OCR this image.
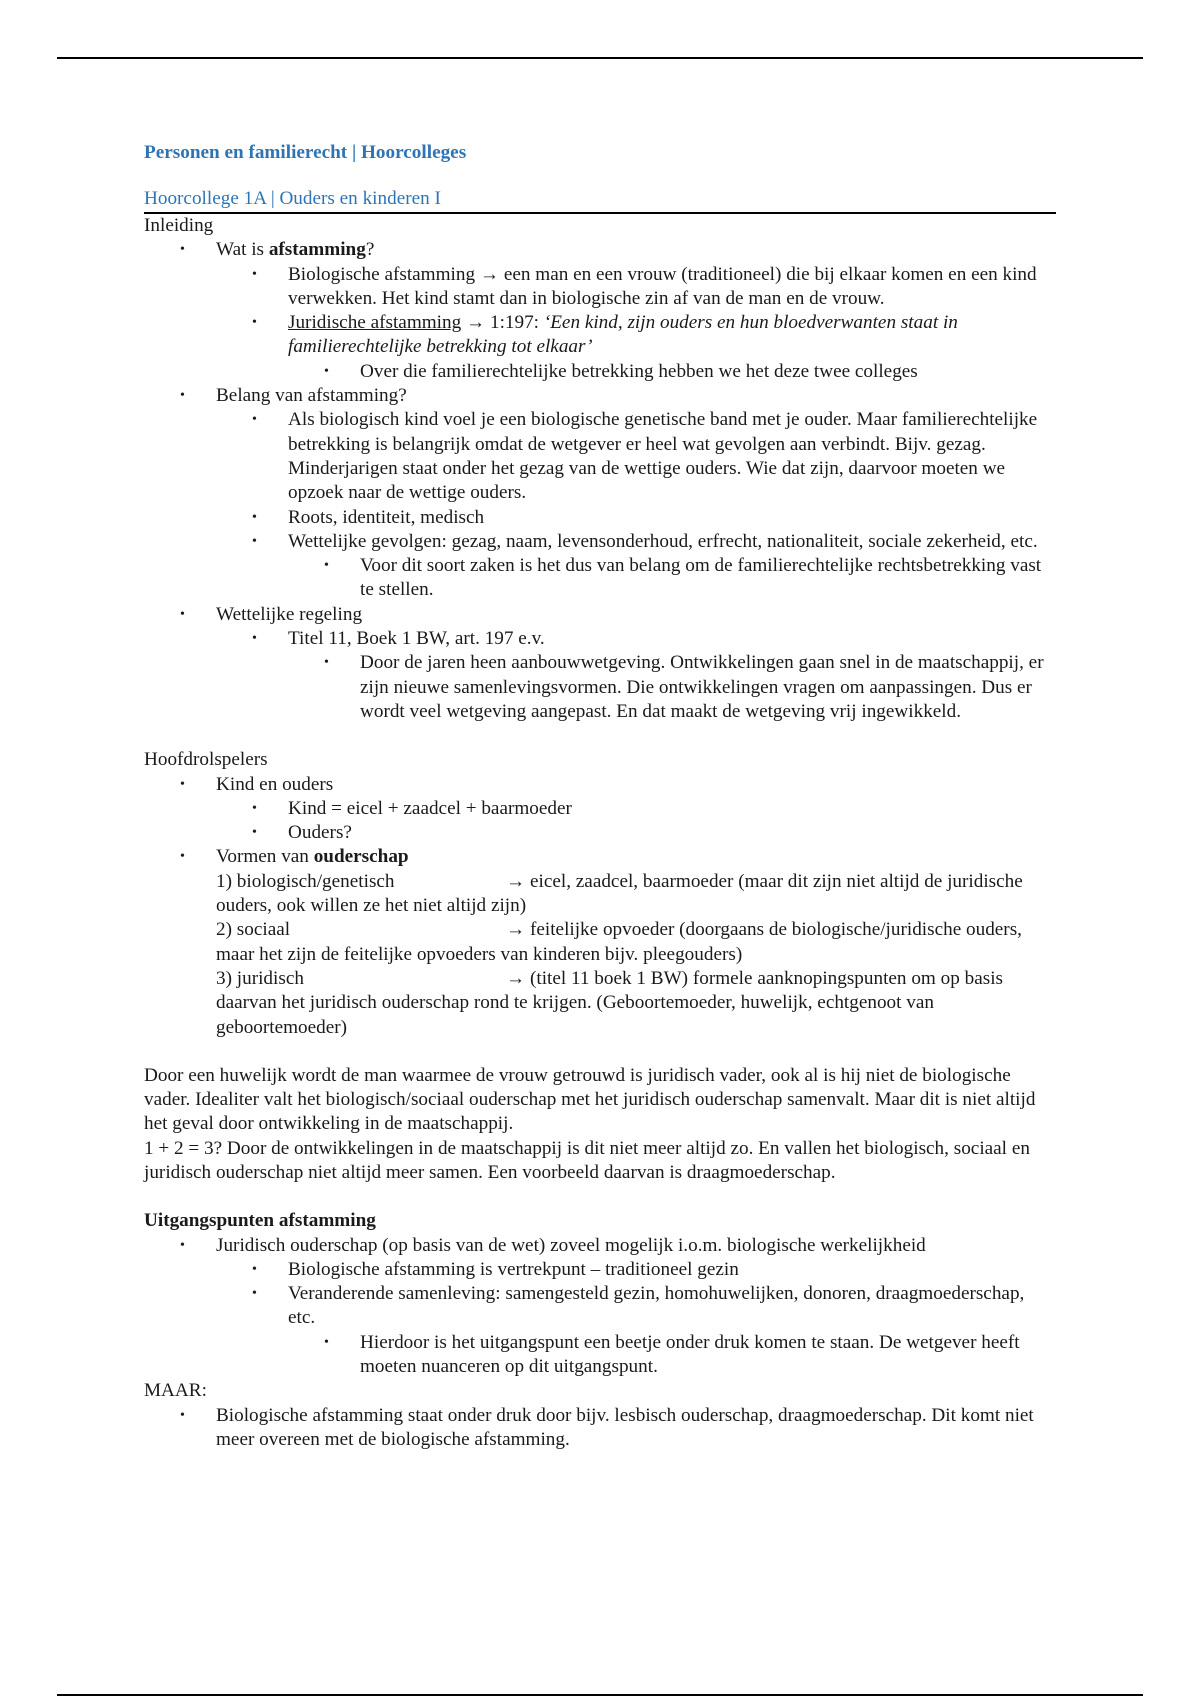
Personen en familierecht | Hoorcolleges

Hoorcollege 1A | Ouders en kinderen I

Inleiding

• Wat is afstamming?
• Biologische afstamming → een man en een vrouw (traditioneel) die bij elkaar komen en een kind verwekken. Het kind stamt dan in biologische zin af van de man en de vrouw.
• Juridische afstamming → 1:197: ‘Een kind, zijn ouders en hun bloedverwanten staat in familierechtelijke betrekking tot elkaar’
• Over die familierechtelijke betrekking hebben we het deze twee colleges
• Belang van afstamming?
• Als biologisch kind voel je een biologische genetische band met je ouder. Maar familierechtelijke betrekking is belangrijk omdat de wetgever er heel wat gevolgen aan verbindt. Bijv. gezag. Minderjarigen staat onder het gezag van de wettige ouders. Wie dat zijn, daarvoor moeten we opzoek naar de wettige ouders.
• Roots, identiteit, medisch
• Wettelijke gevolgen: gezag, naam, levensonderhoud, erfrecht, nationaliteit, sociale zekerheid, etc.
• Voor dit soort zaken is het dus van belang om de familierechtelijke rechtsbetrekking vast te stellen.
• Wettelijke regeling
• Titel 11, Boek 1 BW, art. 197 e.v.
• Door de jaren heen aanbouwwetgeving. Ontwikkelingen gaan snel in de maatschappij, er zijn nieuwe samenlevingsvormen. Die ontwikkelingen vragen om aanpassingen. Dus er wordt veel wetgeving aangepast. En dat maakt de wetgeving vrij ingewikkeld.

Hoofdrolspelers

• Kind en ouders
• Kind = eicel + zaadcel + baarmoeder
• Ouders?
• Vormen van ouderschap

1) biologisch/genetisch	→ eicel, zaadcel, baarmoeder (maar dit zijn niet altijd de juridische ouders, ook willen ze het niet altijd zijn)

2) sociaal	→ feitelijke opvoeder (doorgaans de biologische/juridische ouders, maar het zijn de feitelijke opvoeders van kinderen bijv. pleegouders)

3) juridisch	→ (titel 11 boek 1 BW) formele aanknopingspunten om op basis daarvan het juridisch ouderschap rond te krijgen. (Geboortemoeder, huwelijk, echtgenoot van geboortemoeder)

Door een huwelijk wordt de man waarmee de vrouw getrouwd is juridisch vader, ook al is hij niet de biologische vader. Idealiter valt het biologisch/sociaal ouderschap met het juridisch ouderschap samenvalt. Maar dit is niet altijd het geval door ontwikkeling in de maatschappij.

1 + 2 = 3? Door de ontwikkelingen in de maatschappij is dit niet meer altijd zo. En vallen het biologisch, sociaal en juridisch ouderschap niet altijd meer samen. Een voorbeeld daarvan is draagmoederschap.

Uitgangspunten afstamming

• Juridisch ouderschap (op basis van de wet) zoveel mogelijk i.o.m. biologische werkelijkheid
• Biologische afstamming is vertrekpunt – traditioneel gezin
• Veranderende samenleving: samengesteld gezin, homohuwelijken, donoren, draagmoederschap, etc.
• Hierdoor is het uitgangspunt een beetje onder druk komen te staan. De wetgever heeft moeten nuanceren op dit uitgangspunt.

MAAR:

• Biologische afstamming staat onder druk door bijv. lesbisch ouderschap, draagmoederschap. Dit komt niet meer overeen met de biologische afstamming.
